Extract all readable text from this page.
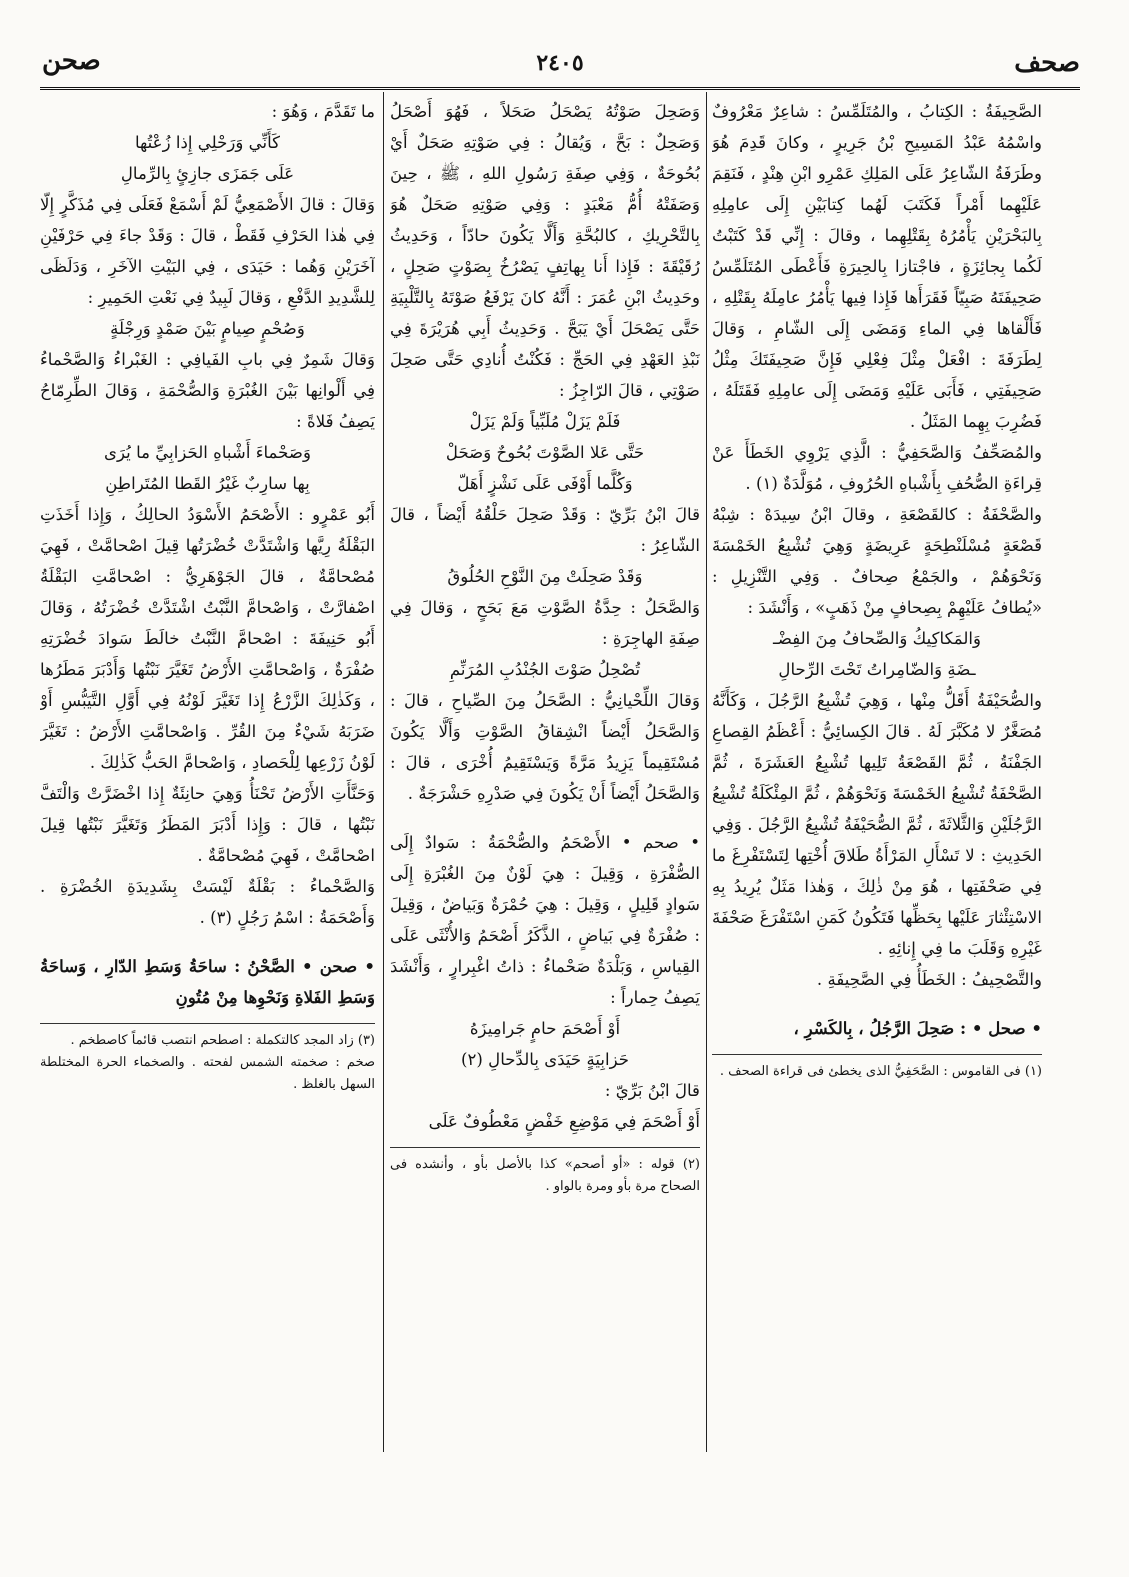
صحف
٢٤٠٥
صحن

الصَّحِيفَةُ : الكِتابُ ، والمُتَلَمِّسُ : شاعِرٌ مَعْرُوفٌ واسْمُهُ عَبْدُ المَسِيحِ بْنُ جَرِيرٍ ، وكانَ قَدِمَ هُوَ وطَرَفَةُ الشّاعِرُ عَلَى المَلِكِ عَمْرِو ابْنِ هِنْدٍ ، فَنَقِمَ عَلَيْهِما أَمْراً فَكَتَبَ لَهُما كِتابَيْنِ إِلَى عامِلِهِ بِالبَحْرَيْنِ يَأْمُرُهُ بِقَتْلِهِما ، وقالَ : إِنِّي قَدْ كَتَبْتُ لَكُما بِجائِزَةٍ ، فاجْتازا بِالحِيرَةِ فَأَعْطَى المُتَلَمِّسُ صَحِيفَتَهُ صَبِيّاً فَقَرَأَها فَإِذا فِيها يَأْمُرُ عامِلَهُ بِقَتْلِهِ ، فَأَلْقاها فِي الماءِ وَمَضَى إِلَى الشّامِ ، وَقالَ لِطَرَفَةَ : افْعَلْ مِثْلَ فِعْلِي فَإِنَّ صَحِيفَتَكَ مِثْلُ صَحِيفَتِي ، فَأَبَى عَلَيْهِ وَمَضَى إِلَى عامِلِهِ فَقَتَلَهُ ، فَضُرِبَ بِهِما المَثَلُ .

والمُصَحِّفُ وَالصَّحَفِيُّ : الَّذِي يَرْوِي الخَطَأَ عَنْ قِراءَةِ الصُّحُفِ بِأَشْباهِ الحُرُوفِ ، مُوَلَّدَةٌ (١) .

والصَّحْفَةُ : كالقَصْعَةِ ، وقالَ ابْنُ سِيدَهْ : شِبْهُ قَصْعَةٍ مُسْلَنْطِحَةٍ عَرِيضَةٍ وَهِيَ تُشْبِعُ الخَمْسَةَ وَنَحْوَهُمْ ، والجَمْعُ صِحافٌ . وَفِي التَّنْزِيلِ : «يُطافُ عَلَيْهِمْ بِصِحافٍ مِنْ ذَهَبٍ» ، وَأَنْشَدَ :

وَالمَكاكِيكُ وَالصِّحافُ مِنَ الفِضْـ

ـضَةِ وَالضّامِراتُ تَحْتَ الرِّحالِ

والصُّحَيْفَةُ أَقَلُّ مِنْها ، وَهِيَ تُشْبِعُ الرَّجُلَ ، وَكَأَنَّهُ مُصَغَّرٌ لا مُكَبَّرَ لَهُ . قالَ الكِسائِيُّ : أَعْظَمُ القِصاعِ الجَفْنَةُ ، ثُمَّ القَصْعَةُ تَلِيها تُشْبِعُ العَشَرَةَ ، ثُمَّ الصَّحْفَةُ تُشْبِعُ الخَمْسَةَ وَنَحْوَهُمْ ، ثُمَّ المِئْكَلَةُ تُشْبِعُ الرَّجُلَيْنِ وَالثَّلاثَةَ ، ثُمَّ الصُّحَيْفَةُ تُشْبِعُ الرَّجُلَ . وَفِي الحَدِيثِ : لا تَسْأَلِ المَرْأَةُ طَلاقَ أُخْتِها لِتَسْتَفْرِغَ ما فِي صَحْفَتِها ، هُوَ مِنْ ذٰلِكَ ، وَهٰذا مَثَلٌ يُرِيدُ بِهِ الاسْتِئْثارَ عَلَيْها بِحَظِّها فَتَكُونُ كَمَنِ اسْتَفْرَغَ صَحْفَةَ غَيْرِهِ وَقَلَبَ ما فِي إِنائِهِ .

والتَّصْحِيفُ : الخَطَأُ فِي الصَّحِيفَةِ .

• صحل • : صَحِلَ الرَّجُلُ ، بِالكَسْرِ ،

(١) فى القاموس : الصَّحَفِيُّ الذى يخطئ فى قراءة الصحف .

وَصَحِلَ صَوْتُهُ يَصْحَلُ صَحَلاً ، فَهُوَ أَصْحَلُ وَصَحِلٌ : بَحَّ ، وَيُقالُ : فِي صَوْتِهِ صَحَلٌ أَيْ بُحُوحَةٌ ، وَفِي صِفَةِ رَسُولِ اللهِ ، ﷺ ، حِينَ وَصَفَتْهُ أُمُّ مَعْبَدٍ : وَفِي صَوْتِهِ صَحَلٌ هُوَ بِالتَّحْرِيكِ ، كالبُحَّةِ وَأَلَّا يَكُونَ حادّاً ، وَحَدِيثُ رُقَيْقَةَ : فَإِذا أَنا بِهاتِفٍ يَصْرُخُ بِصَوْتٍ صَحِلٍ ، وحَدِيثُ ابْنِ عُمَرَ : أَنَّهُ كانَ يَرْفَعُ صَوْتَهُ بِالتَّلْبِيَةِ حَتَّى يَصْحَلَ أَيْ يَبَحَّ . وَحَدِيثُ أَبِي هُرَيْرَةَ فِي نَبْذِ العَهْدِ فِي الحَجِّ : فَكُنْتُ أُنادِي حَتَّى صَحِلَ صَوْتِي ، قالَ الرّاجِزُ :

فَلَمْ يَزَلْ مُلَبِّياً وَلَمْ يَزَلْ

حَتَّى عَلا الصَّوْتَ بُحُوحٌ وَصَحَلْ

وَكُلَّما أَوْفَى عَلَى نَشْزٍ أَهَلّ

قالَ ابْنُ بَرِّيّ : وَقَدْ صَحِلَ حَلْقُهُ أَيْضاً ، قالَ الشّاعِرُ :

وَقَدْ صَحِلَتْ مِنَ النَّوْحِ الحُلُوقُ

وَالصَّحَلُ : حِدَّةُ الصَّوْتِ مَعَ بَحَحٍ ، وَقالَ فِي صِفَةِ الهاجِرَةِ :

تُصْحِلُ صَوْتَ الجُنْدُبِ المُرَنِّمِ

وَقالَ اللِّحْيانِيُّ : الصَّحَلُ مِنَ الصِّياحِ ، قالَ : وَالصَّحَلُ أَيْضاً انْشِقاقُ الصَّوْتِ وَأَلَّا يَكُونَ مُسْتَقِيماً يَزِيدُ مَرَّةً وَيَسْتَقِيمُ أُخْرَى ، قالَ : وَالصَّحَلُ أَيْضاً أَنْ يَكُونَ فِي صَدْرِهِ حَشْرَجَةٌ .

• صحم • الأَصْحَمُ والصُّحْمَةُ : سَوادٌ إِلَى الصُّفْرَةِ ، وَقِيلَ : هِيَ لَوْنٌ مِنَ الغُبْرَةِ إِلَى سَوادٍ قَلِيلٍ ، وَقِيلَ : هِيَ حُمْرَةٌ وَبَياضٌ ، وَقِيلَ : صُفْرَةٌ فِي بَياضٍ ، الذَّكَرُ أَصْحَمُ وَالأُنْثَى عَلَى القِياسِ ، وَبَلْدَةٌ صَحْماءُ : ذاتُ اغْبِرارٍ ، وَأَنْشَدَ يَصِفُ حِماراً :

أَوْ أَصْحَمَ حامٍ جَرامِيزَهُ

حَزابِيَةٍ حَيَدَى بِالدِّحالِ (٢)

قالَ ابْنُ بَرِّيّ :

أَوْ أَصْحَمَ فِي مَوْضِعِ خَفْضٍ مَعْطُوفٌ عَلَى

(٢) قوله : «أو أصحم» كذا بالأصل بأو ، وأنشده فى الصحاح مرة بأو ومرة بالواو .

ما تَقَدَّمَ ، وَهُوَ :

كَأَنِّي وَرَحْلِي إِذا زُعْتُها

عَلَى جَمَزَى جازِئٍ بِالرِّمالِ

وَقالَ : قالَ الأَصْمَعِيُّ لَمْ أَسْمَعْ فَعَلَى فِي مُذَكَّرٍ إِلّا فِي هٰذا الحَرْفِ فَقَطْ ، قالَ : وَقَدْ جاءَ فِي حَرْفَيْنِ آخَرَيْنِ وَهُما : حَيَدَى ، فِي البَيْتِ الآخَرِ ، وَدَلَظَى لِلشَّدِيدِ الدَّفْعِ ، وَقالَ لَبِيدٌ فِي نَعْتِ الحَمِيرِ :

وَصُحْمٍ صِيامٍ بَيْنَ صَمْدٍ وَرِجْلَةٍ

وَقالَ شَمِرٌ فِي بابِ الفَيافِي : الغَبْراءُ وَالصَّحْماءُ فِي أَلْوانِها بَيْنَ الغُبْرَةِ وَالصُّحْمَةِ ، وَقالَ الطِّرِمّاحُ يَصِفُ فَلاةً :

وَصَحْماءَ أَشْباهِ الحَزابِيِّ ما يُرَى

بِها سارِبٌ غَيْرُ القَطا المُتَراطِنِ

أَبُو عَمْرٍو : الأَصْحَمُ الأَسْوَدُ الحالِكُ ، وَإِذا أَخَذَتِ البَقْلَةُ رِيَّها وَاشْتَدَّتْ خُضْرَتُها قِيلَ اصْحامَّتْ ، فَهِيَ مُصْحامَّةٌ ، قالَ الجَوْهَرِيُّ : اصْحامَّتِ البَقْلَةُ اصْفارَّتْ ، وَاصْحامَّ النَّبْتُ اشْتَدَّتْ خُضْرَتُهُ ، وَقالَ أَبُو حَنِيفَةَ : اصْحامَّ النَّبْتُ خالَطَ سَوادَ خُضْرَتِهِ صُفْرَةٌ ، وَاصْحامَّتِ الأَرْضُ تَغَيَّرَ نَبْتُها وَأَدْبَرَ مَطَرُها ، وَكَذٰلِكَ الزَّرْعُ إِذا تَغَيَّرَ لَوْنُهُ فِي أَوَّلِ التَّيَبُّسِ أَوْ ضَرَبَهُ شَيْءٌ مِنَ القُرِّ . وَاصْحامَّتِ الأَرْضُ : تَغَيَّرَ لَوْنُ زَرْعِها لِلْحَصادِ ، وَاصْحامَّ الحَبُّ كَذٰلِكَ .

وَحَنَّأَتِ الأَرْضُ تَحْنَأُ وَهِيَ حانِئَةٌ إِذا اخْضَرَّتْ وَالْتَفَّ نَبْتُها ، قالَ : وَإِذا أَدْبَرَ المَطَرُ وَتَغَيَّرَ نَبْتُها قِيلَ اصْحامَّتْ ، فَهِيَ مُصْحامَّةٌ .

وَالصَّحْماءُ : بَقْلَةٌ لَيْسَتْ بِشَدِيدَةِ الخُضْرَةِ . وَأَصْحَمَةُ : اسْمُ رَجُلٍ (٣) .

• صحن • الصَّحْنُ : ساحَةُ وَسَطِ الدّارِ ، وَساحَةُ وَسَطِ الفَلاةِ وَنَحْوِها مِنْ مُتُونِ

(٣) زاد المجد كالتكملة : اصطحم انتصب قائماً كاصطخم .

صخم : صخمته الشمس لفحته . والصخماء الحرة المختلطة السهل بالغلظ .
